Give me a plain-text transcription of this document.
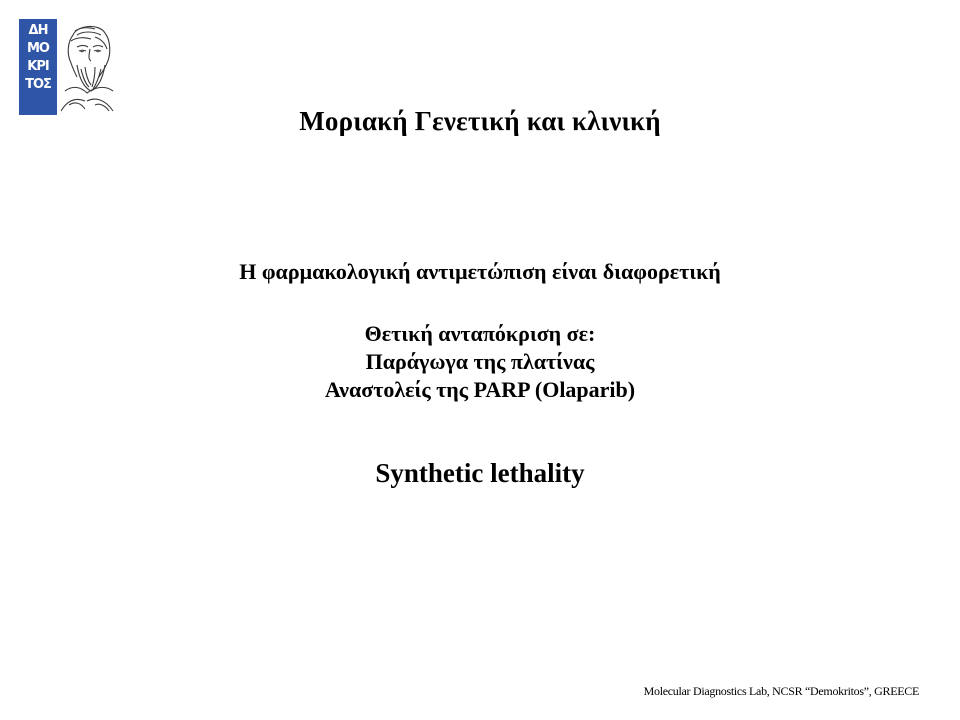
ΔΗ
ΜΟ
ΚΡΙ
ΤΟΣ
Μοριακή Γενετική και κλινική
Η φαρμακολογική αντιμετώπιση είναι διαφορετική
Θετική ανταπόκριση σε:
Παράγωγα της πλατίνας
Αναστολείς της PARP (Olaparib)
Synthetic lethality
Molecular Diagnostics Lab, NCSR “Demokritos”, GREECE
